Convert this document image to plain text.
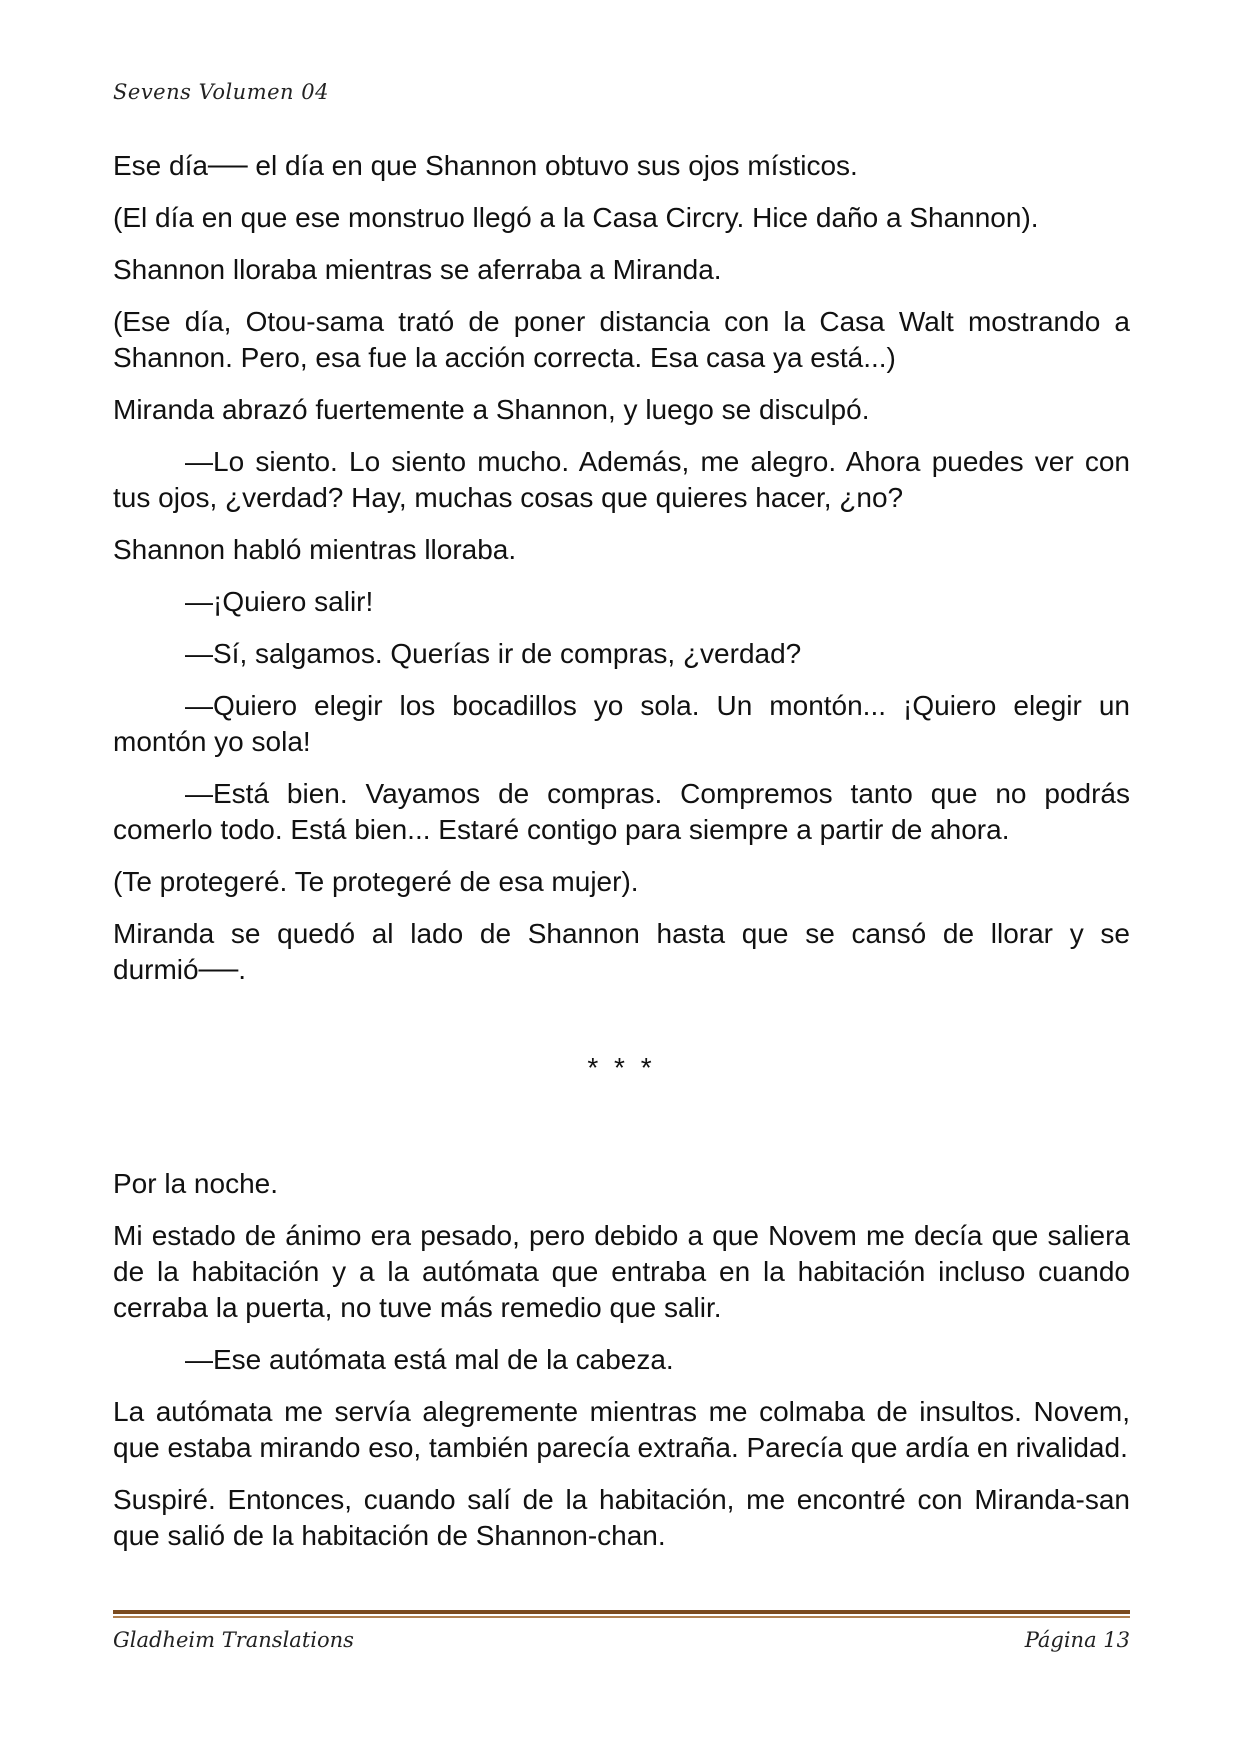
Sevens Volumen 04

Ese día── el día en que Shannon obtuvo sus ojos místicos.

(El día en que ese monstruo llegó a la Casa Circry. Hice daño a Shannon).

Shannon lloraba mientras se aferraba a Miranda.

(Ese día, Otou-sama trató de poner distancia con la Casa Walt mostrando a Shannon. Pero, esa fue la acción correcta. Esa casa ya está...)

Miranda abrazó fuertemente a Shannon, y luego se disculpó.

—Lo siento. Lo siento mucho. Además, me alegro. Ahora puedes ver con tus ojos, ¿verdad? Hay, muchas cosas que quieres hacer, ¿no?

Shannon habló mientras lloraba.

—¡Quiero salir!

—Sí, salgamos. Querías ir de compras, ¿verdad?

—Quiero elegir los bocadillos yo sola. Un montón... ¡Quiero elegir un montón yo sola!

—Está bien. Vayamos de compras. Compremos tanto que no podrás comerlo todo. Está bien... Estaré contigo para siempre a partir de ahora.

(Te protegeré. Te protegeré de esa mujer).

Miranda se quedó al lado de Shannon hasta que se cansó de llorar y se durmió──.

* * *

Por la noche.

Mi estado de ánimo era pesado, pero debido a que Novem me decía que saliera de la habitación y a la autómata que entraba en la habitación incluso cuando cerraba la puerta, no tuve más remedio que salir.

—Ese autómata está mal de la cabeza.

La autómata me servía alegremente mientras me colmaba de insultos. Novem, que estaba mirando eso, también parecía extraña. Parecía que ardía en rivalidad.

Suspiré. Entonces, cuando salí de la habitación, me encontré con Miranda-san que salió de la habitación de Shannon-chan.

Gladheim Translations	Página 13
